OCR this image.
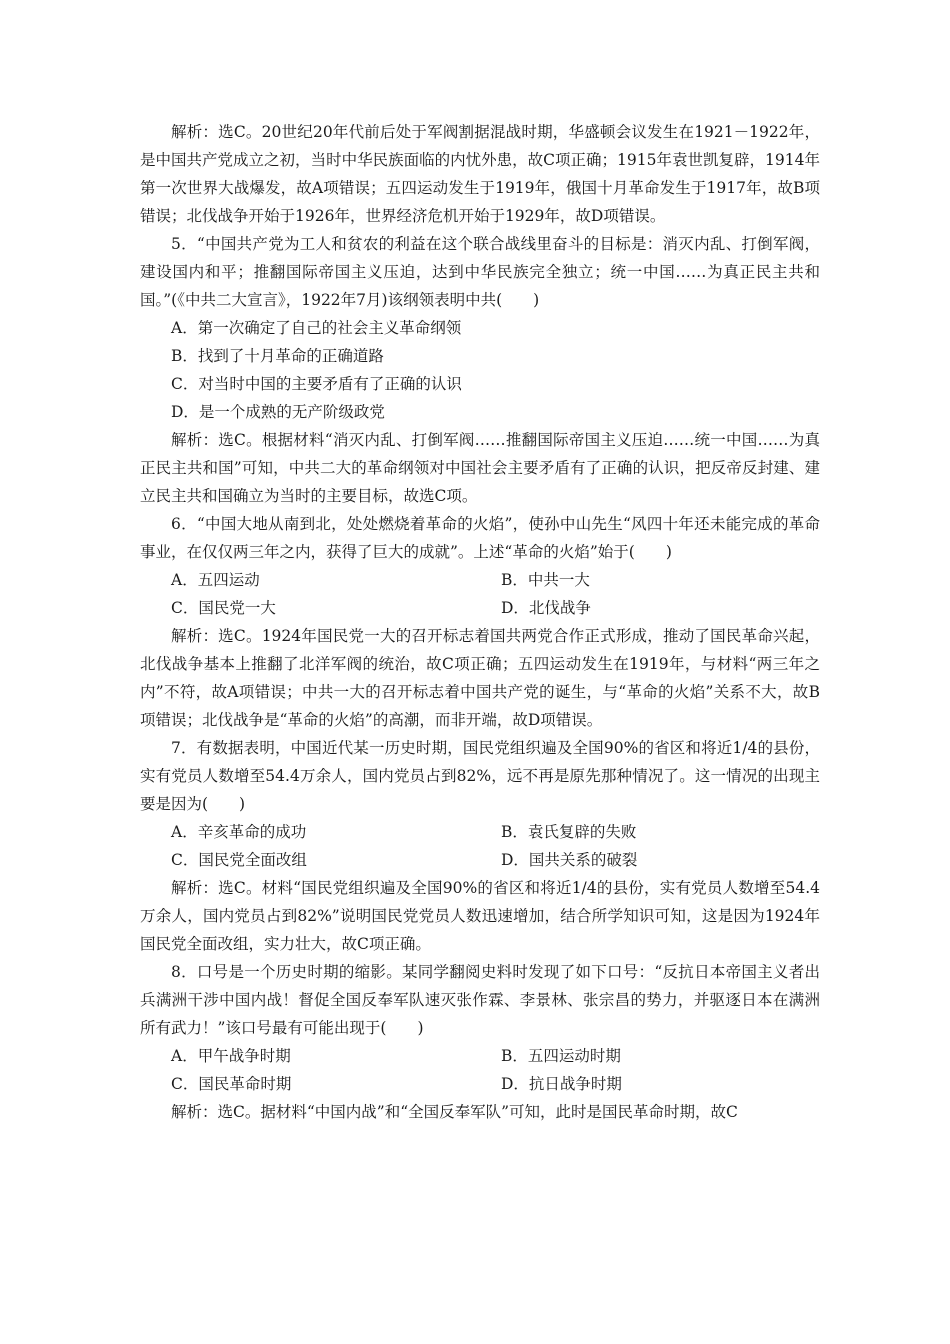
解析：选C。20世纪20年代前后处于军阀割据混战时期，华盛顿会议发生在1921－1922年，是中国共产党成立之初，当时中华民族面临的内忧外患，故C项正确；1915年袁世凯复辟，1914年第一次世界大战爆发，故A项错误；五四运动发生于1919年，俄国十月革命发生于1917年，故B项错误；北伐战争开始于1926年，世界经济危机开始于1929年，故D项错误。

5．“中国共产党为工人和贫农的利益在这个联合战线里奋斗的目标是：消灭内乱、打倒军阀，建设国内和平；推翻国际帝国主义压迫，达到中华民族完全独立；统一中国……为真正民主共和国。”(《中共二大宣言》，1922年7月)该纲领表明中共(　　)

A．第一次确定了自己的社会主义革命纲领
B．找到了十月革命的正确道路
C．对当时中国的主要矛盾有了正确的认识
D．是一个成熟的无产阶级政党

解析：选C。根据材料“消灭内乱、打倒军阀……推翻国际帝国主义压迫……统一中国……为真正民主共和国”可知，中共二大的革命纲领对中国社会主要矛盾有了正确的认识，把反帝反封建、建立民主共和国确立为当时的主要目标，故选C项。

6．“中国大地从南到北，处处燃烧着革命的火焰”，使孙中山先生“风四十年还未能完成的革命事业，在仅仅两三年之内，获得了巨大的成就”。上述“革命的火焰”始于(　　)

A．五四运动	B．中共一大
C．国民党一大	D．北伐战争

解析：选C。1924年国民党一大的召开标志着国共两党合作正式形成，推动了国民革命兴起，北伐战争基本上推翻了北洋军阀的统治，故C项正确；五四运动发生在1919年，与材料“两三年之内”不符，故A项错误；中共一大的召开标志着中国共产党的诞生，与“革命的火焰”关系不大，故B项错误；北伐战争是“革命的火焰”的高潮，而非开端，故D项错误。

7．有数据表明，中国近代某一历史时期，国民党组织遍及全国90%的省区和将近1/4的县份，实有党员人数增至54.4万余人，国内党员占到82%，远不再是原先那种情况了。这一情况的出现主要是因为(　　)

A．辛亥革命的成功	B．袁氏复辟的失败
C．国民党全面改组	D．国共关系的破裂

解析：选C。材料“国民党组织遍及全国90%的省区和将近1/4的县份，实有党员人数增至54.4万余人，国内党员占到82%”说明国民党党员人数迅速增加，结合所学知识可知，这是因为1924年国民党全面改组，实力壮大，故C项正确。

8．口号是一个历史时期的缩影。某同学翻阅史料时发现了如下口号：“反抗日本帝国主义者出兵满洲干涉中国内战！督促全国反奉军队速灭张作霖、李景林、张宗昌的势力，并驱逐日本在满洲所有武力！”该口号最有可能出现于(　　)

A．甲午战争时期	B．五四运动时期
C．国民革命时期	D．抗日战争时期

解析：选C。据材料“中国内战”和“全国反奉军队”可知，此时是国民革命时期，故C
